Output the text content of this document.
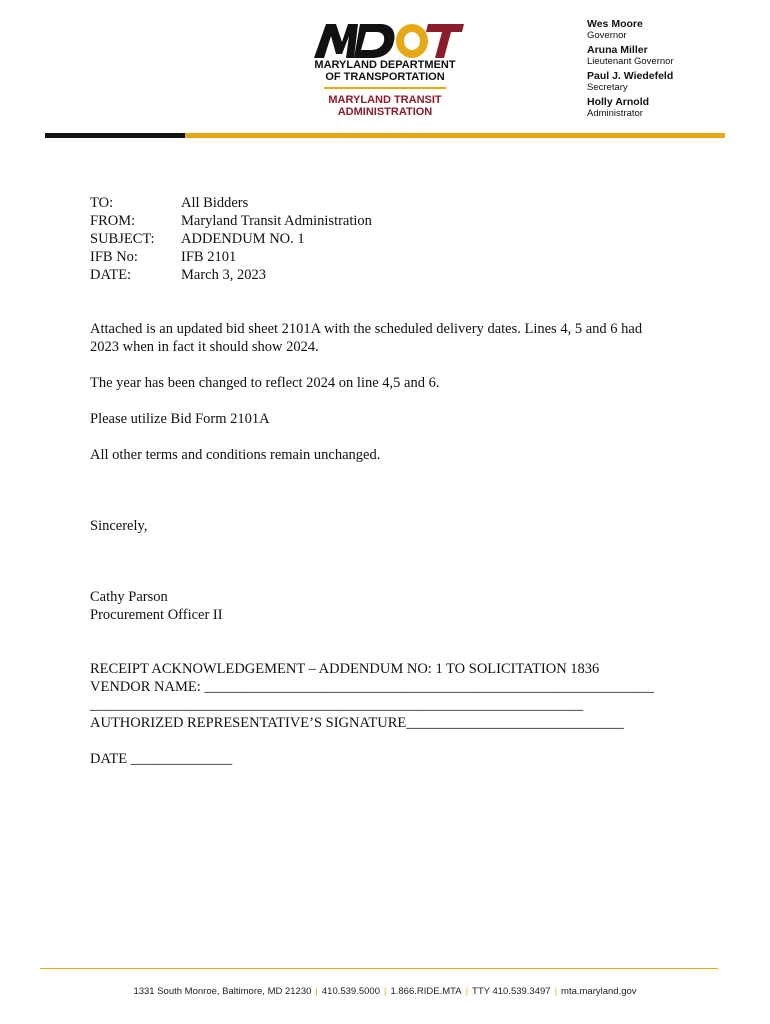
MARYLAND DEPARTMENT
OF TRANSPORTATION
MARYLAND TRANSIT
ADMINISTRATION
Wes Moore
Governor
Aruna Miller
Lieutenant Governor
Paul J. Wiedefeld
Secretary
Holly Arnold
Administrator
TO:	All Bidders
FROM:	Maryland Transit Administration
SUBJECT: ADDENDUM NO. 1
IFB No:	IFB 2101
DATE:	March 3, 2023
Attached is an updated bid sheet 2101A with the scheduled delivery dates. Lines 4, 5 and 6 had
2023 when in fact it should show 2024.
The year has been changed to reflect 2024 on line 4,5 and 6.
Please utilize Bid Form 2101A
All other terms and conditions remain unchanged.
Sincerely,
Cathy Parson
Procurement Officer II
RECEIPT ACKNOWLEDGEMENT – ADDENDUM NO: 1 TO SOLICITATION 1836
VENDOR NAME: ______________________________________________________________
____________________________________________________________________
AUTHORIZED REPRESENTATIVE’S SIGNATURE______________________________
DATE ______________
1331 South Monroe, Baltimore, MD 21230 | 410.539.5000 | 1.866.RIDE.MTA | TTY 410.539.3497 | mta.maryland.gov
